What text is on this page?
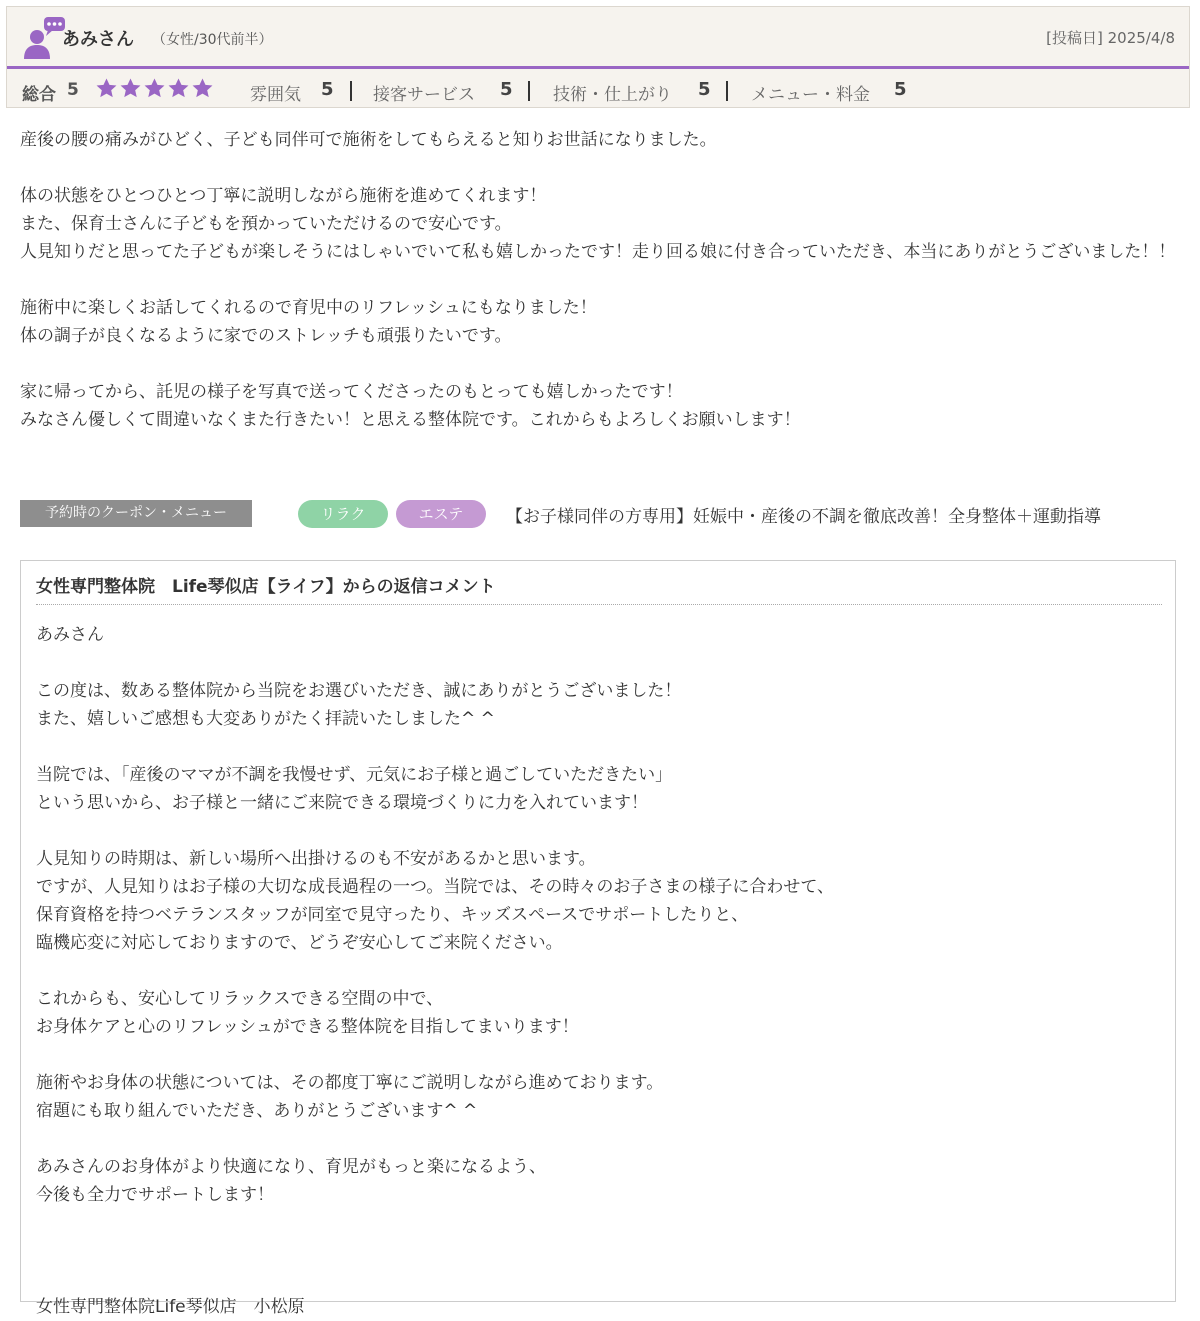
あみさん （女性/30代前半）	[投稿日] 2025/4/8
総合 5	雰囲気 5 接客サービス 5 技術・仕上がり 5 メニュー・料金 5

産後の腰の痛みがひどく、子ども同伴可で施術をしてもらえると知りお世話になりました。

体の状態をひとつひとつ丁寧に説明しながら施術を進めてくれます！
また、保育士さんに子どもを預かっていただけるので安心です。
人見知りだと思ってた子どもが楽しそうにはしゃいでいて私も嬉しかったです！走り回る娘に付き合っていただき、本当にありがとうございました！！

施術中に楽しくお話してくれるので育児中のリフレッシュにもなりました！
体の調子が良くなるように家でのストレッチも頑張りたいです。

家に帰ってから、託児の様子を写真で送ってくださったのもとっても嬉しかったです！
みなさん優しくて間違いなくまた行きたい！と思える整体院です。これからもよろしくお願いします！

予約時のクーポン・メニュー	リラク	エステ	【お子様同伴の方専用】妊娠中・産後の不調を徹底改善！全身整体＋運動指導
女性専門整体院　Life琴似店【ライフ】からの返信コメント

あみさん

この度は、数ある整体院から当院をお選びいただき、誠にありがとうございました！
また、嬉しいご感想も大変ありがたく拝読いたしました^ ^

当院では、「産後のママが不調を我慢せず、元気にお子様と過ごしていただきたい」
という思いから、お子様と一緒にご来院できる環境づくりに力を入れています！

人見知りの時期は、新しい場所へ出掛けるのも不安があるかと思います。
ですが、人見知りはお子様の大切な成長過程の一つ。当院では、その時々のお子さまの様子に合わせて、
保育資格を持つベテランスタッフが同室で見守ったり、キッズスペースでサポートしたりと、
臨機応変に対応しておりますので、どうぞ安心してご来院ください。

これからも、安心してリラックスできる空間の中で、
お身体ケアと心のリフレッシュができる整体院を目指してまいります！

施術やお身体の状態については、その都度丁寧にご説明しながら進めております。
宿題にも取り組んでいただき、ありがとうございます^ ^

あみさんのお身体がより快適になり、育児がもっと楽になるよう、
今後も全力でサポートします！

女性専門整体院Life琴似店　小松原
